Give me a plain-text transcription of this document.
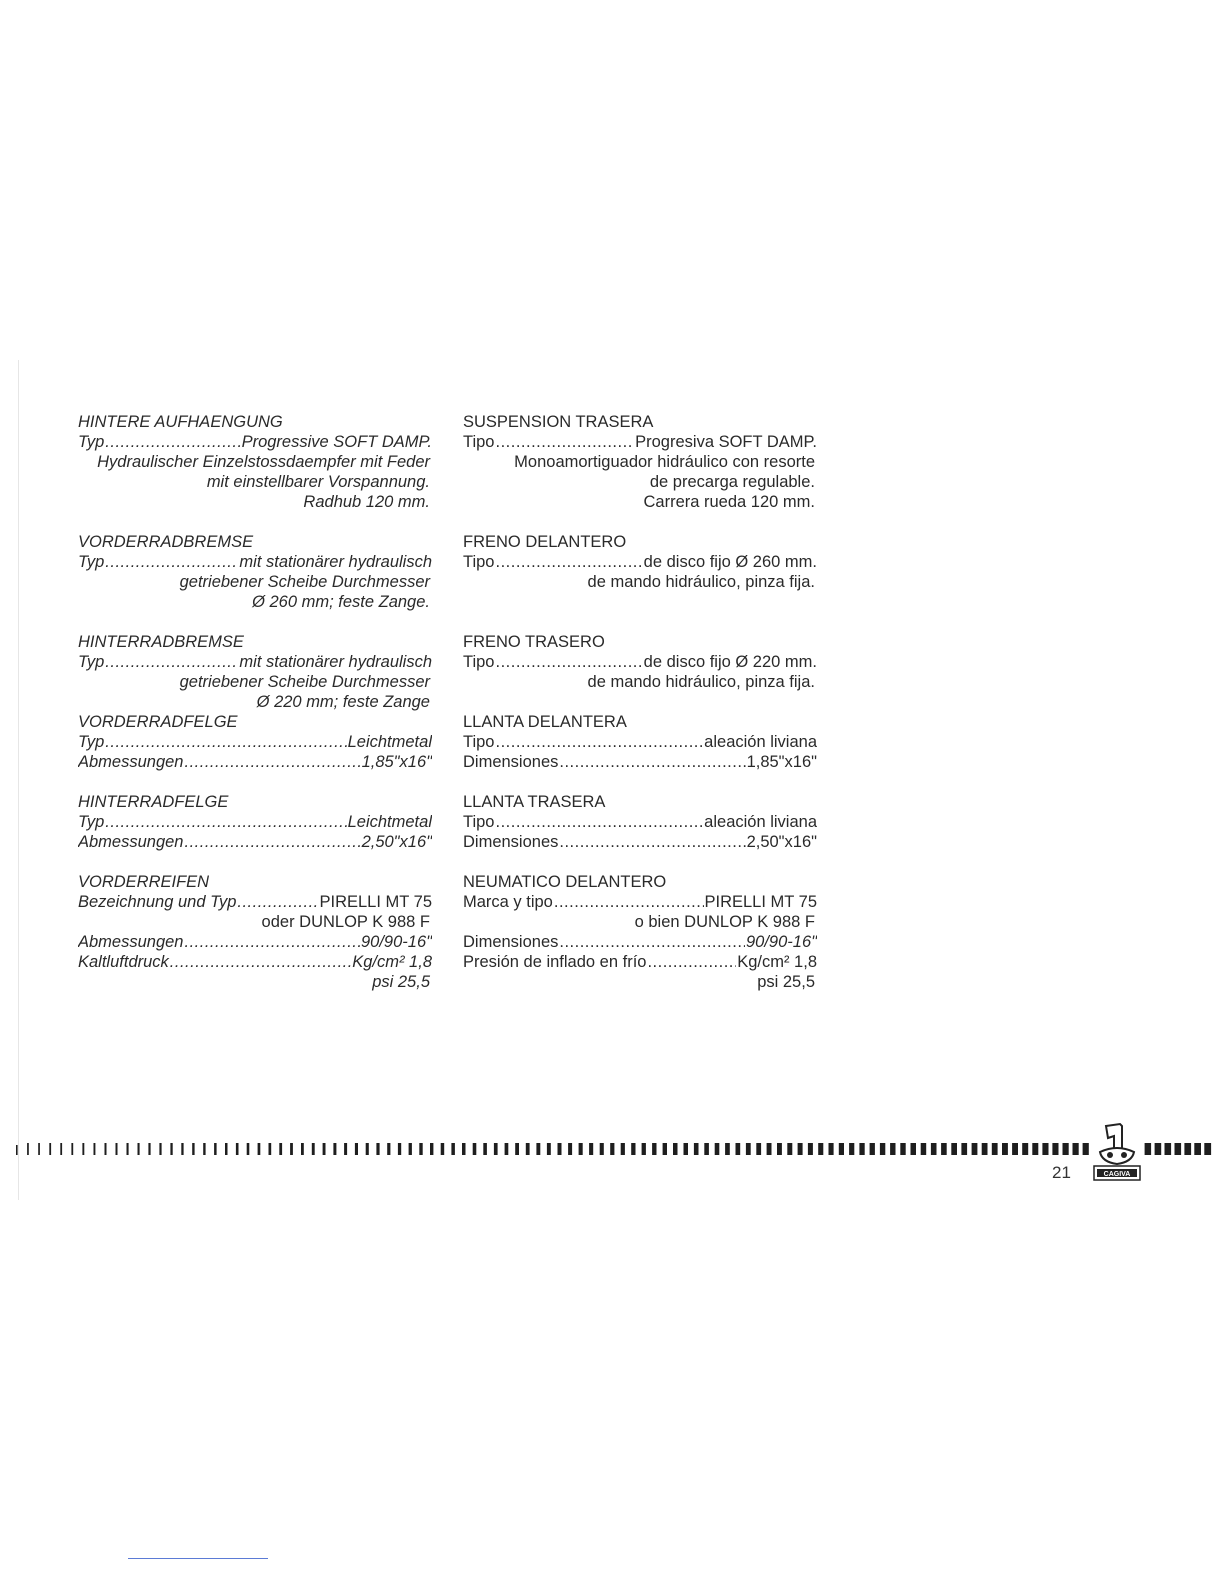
HINTERE AUFHAENGUNG
Typ .....	Progressive SOFT DAMP.
Hydraulischer Einzelstossdaempfer mit Feder
mit einstellbarer Vorspannung.
Radhub 120 mm.
VORDERRADBREMSE
Typ .....	mit stationärer hydraulisch
getriebener Scheibe Durchmesser
Ø 260 mm; feste Zange.
HINTERRADBREMSE
Typ .....	mit stationärer hydraulisch
getriebener Scheibe Durchmesser
Ø 220 mm; feste Zange
VORDERRADFELGE
Typ .....	Leichtmetal
Abmessungen .....	1,85"x16"
HINTERRADFELGE
Typ .....	Leichtmetal
Abmessungen .....	2,50"x16"
VORDERREIFEN
Bezeichnung und Typ .....	PIRELLI MT 75
oder DUNLOP K 988 F
Abmessungen .....	90/90-16"
Kaltluftdruck .....	Kg/cm² 1,8
psi 25,5
SUSPENSION TRASERA
Tipo .....	Progresiva SOFT DAMP.
Monoamortiguador hidráulico con resorte
de precarga regulable.
Carrera rueda 120 mm.
FRENO DELANTERO
Tipo .....	de disco fijo Ø 260 mm.
de mando hidráulico, pinza fija.

FRENO TRASERO
Tipo .....	de disco fijo Ø 220 mm.
de mando hidráulico, pinza fija.
LLANTA DELANTERA
Tipo .....	aleación liviana
Dimensiones .....	1,85"x16"
LLANTA TRASERA
Tipo .....	aleación liviana
Dimensiones .....	2,50"x16"
NEUMATICO DELANTERO
Marca y tipo .....	PIRELLI MT 75
o bien DUNLOP K 988 F
Dimensiones .....	90/90-16"
Presión de inflado en frío .....	Kg/cm² 1,8
psi 25,5
CAGIVA
21
